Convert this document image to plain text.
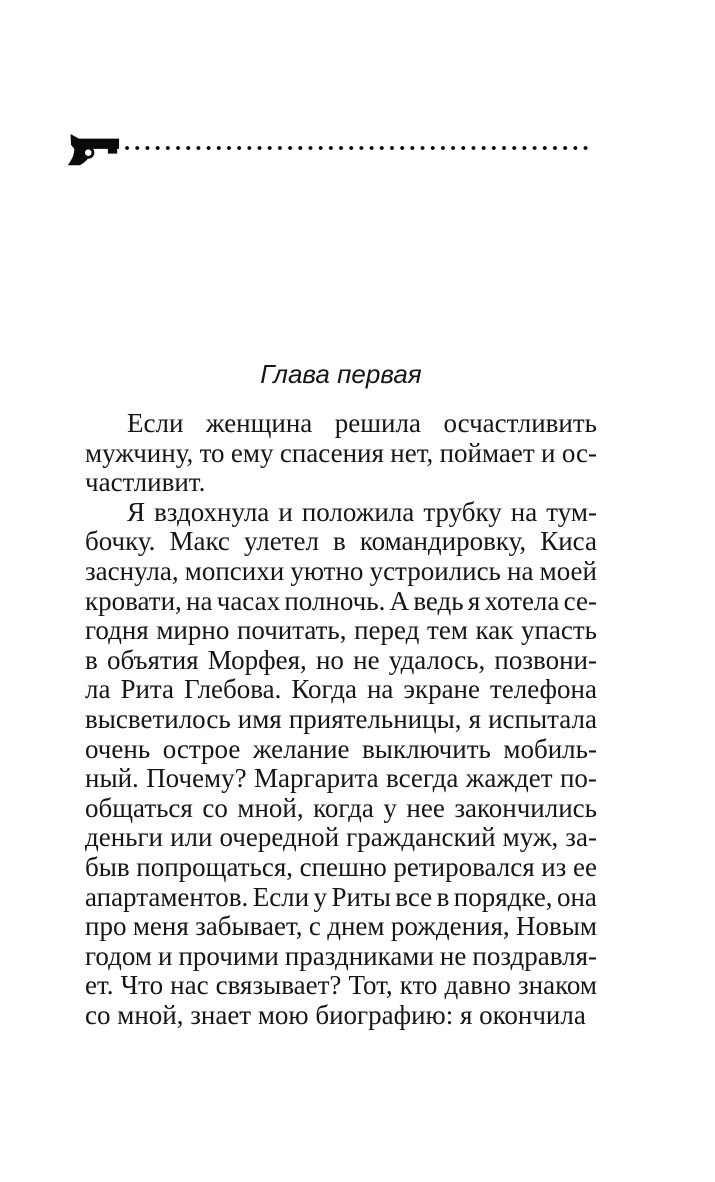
Глава первая
Если женщина решила осчастливить
мужчину, то ему спасения нет, поймает и ос-
частливит.
Я вздохнула и положила трубку на тум-
бочку. Макс улетел в командировку, Киса
заснула, мопсихи уютно устроились на моей
кровати, на часах полночь. А ведь я хотела се-
годня мирно почитать, перед тем как упасть
в объятия Морфея, но не удалось, позвони-
ла Рита Глебова. Когда на экране телефона
высветилось имя приятельницы, я испытала
очень острое желание выключить мобиль-
ный. Почему? Маргарита всегда жаждет по-
общаться со мной, когда у нее закончились
деньги или очередной гражданский муж, за-
быв попрощаться, спешно ретировался из ее
апартаментов. Если у Риты все в порядке, она
про меня забывает, с днем рождения, Новым
годом и прочими праздниками не поздравля-
ет. Что нас связывает? Тот, кто давно знаком
со мной, знает мою биографию: я окончила
